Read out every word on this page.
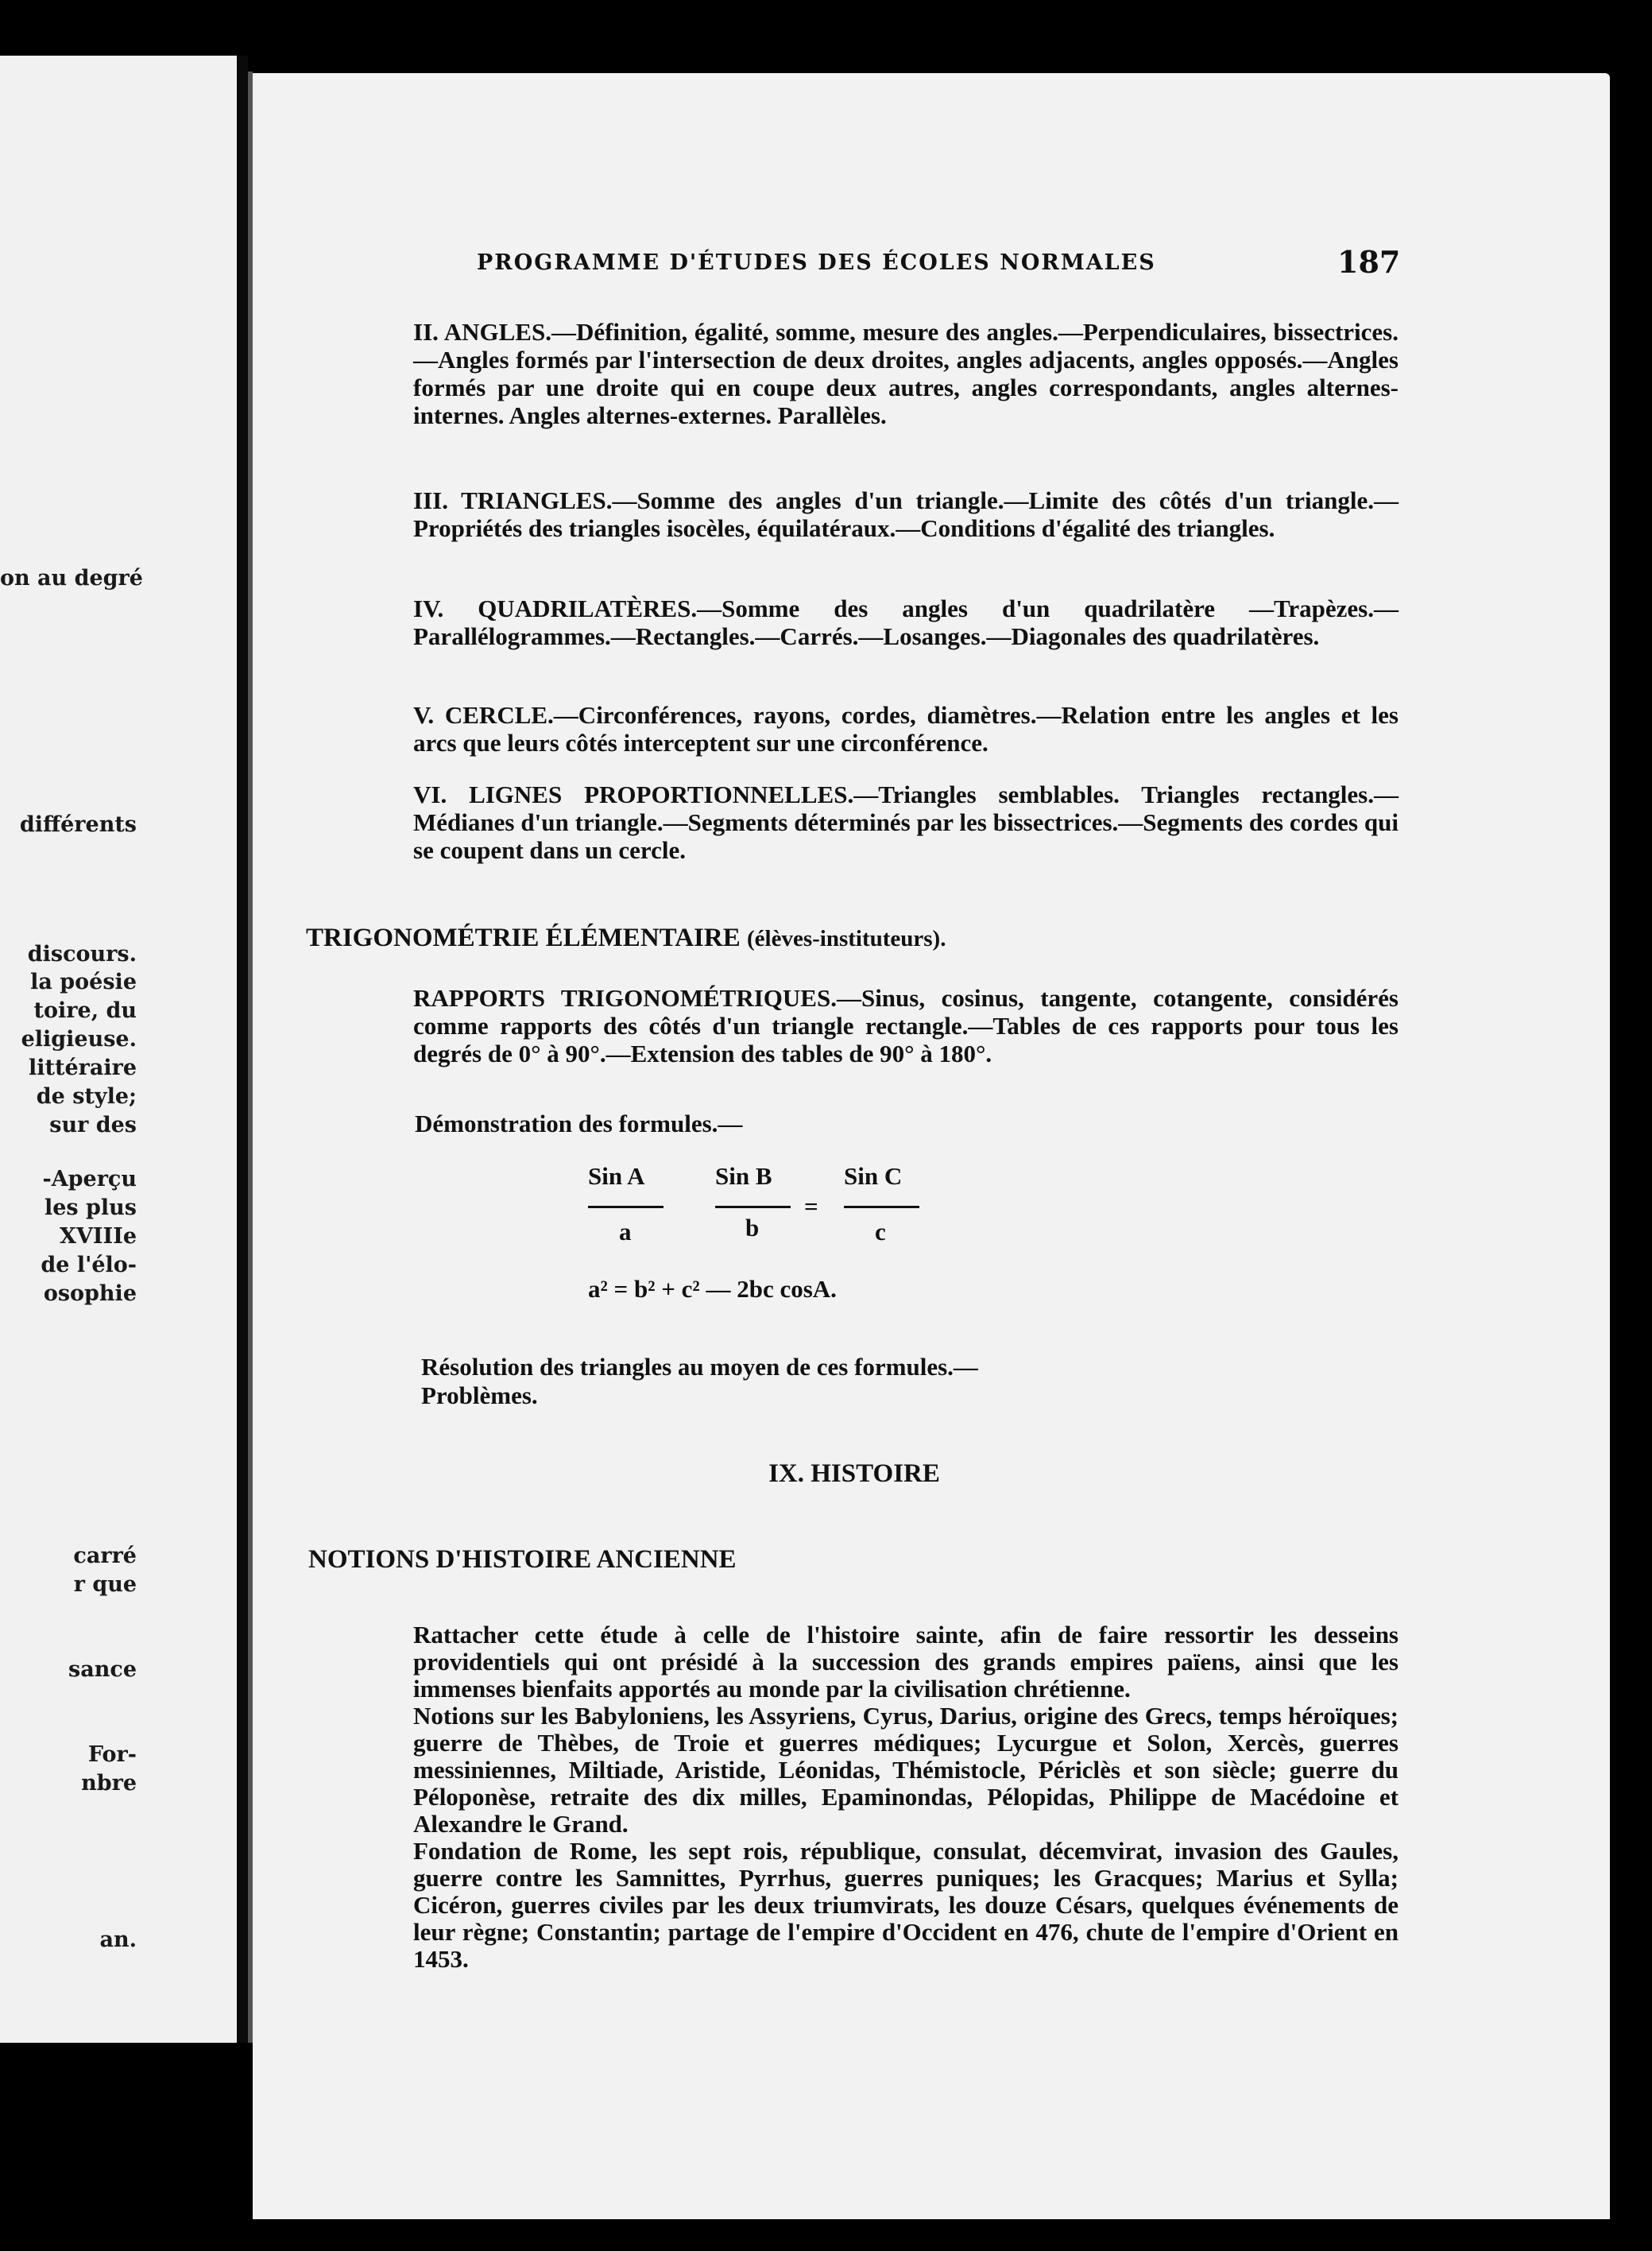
on au degré
différents
discours.
la poésie
toire, du
eligieuse.
littéraire
de style;
sur des
-Aperçu
les plus
XVIIIe
de l'élo-
osophie
carré
r que
sance
For-
nbre
an.
PROGRAMME D'ÉTUDES DES ÉCOLES NORMALES	187
II. ANGLES.—Définition, égalité, somme, mesure des angles.—Perpendiculaires, bissectrices.—Angles formés par l'intersection de deux droites, angles adjacents, angles opposés.—Angles formés par une droite qui en coupe deux autres, angles correspondants, angles alternes-internes. Angles alternes-externes. Parallèles.
III. TRIANGLES.—Somme des angles d'un triangle.—Limite des côtés d'un triangle.—Propriétés des triangles isocèles, équilatéraux.—Conditions d'égalité des triangles.
IV. QUADRILATÈRES.—Somme des angles d'un quadrilatère —Trapèzes.—Parallélogrammes.—Rectangles.—Carrés.—Losanges.—Diagonales des quadrilatères.
V. CERCLE.—Circonférences, rayons, cordes, diamètres.—Relation entre les angles et les arcs que leurs côtés interceptent sur une circonférence.
VI. LIGNES PROPORTIONNELLES.—Triangles semblables. Triangles rectangles.—Médianes d'un triangle.—Segments déterminés par les bissectrices.—Segments des cordes qui se coupent dans un cercle.
TRIGONOMÉTRIE ÉLÉMENTAIRE (élèves-instituteurs).
RAPPORTS TRIGONOMÉTRIQUES.—Sinus, cosinus, tangente, cotangente, considérés comme rapports des côtés d'un triangle rectangle.—Tables de ces rapports pour tous les degrés de 0° à 90°.—Extension des tables de 90° à 180°.
Démonstration des formules.—
Sin A	Sin B	Sin C
=
a	b	c
a² = b² + c² — 2bc cosA.
Résolution des triangles au moyen de ces formules.—
Problèmes.
IX. HISTOIRE
NOTIONS D'HISTOIRE ANCIENNE
Rattacher cette étude à celle de l'histoire sainte, afin de faire ressortir les desseins providentiels qui ont présidé à la succession des grands empires païens, ainsi que les immenses bienfaits apportés au monde par la civilisation chrétienne.
Notions sur les Babyloniens, les Assyriens, Cyrus, Darius, origine des Grecs, temps héroïques; guerre de Thèbes, de Troie et guerres médiques; Lycurgue et Solon, Xercès, guerres messiniennes, Miltiade, Aristide, Léonidas, Thémistocle, Périclès et son siècle; guerre du Péloponèse, retraite des dix milles, Epaminondas, Pélopidas, Philippe de Macédoine et Alexandre le Grand.
Fondation de Rome, les sept rois, république, consulat, décemvirat, invasion des Gaules, guerre contre les Samnittes, Pyrrhus, guerres puniques; les Gracques; Marius et Sylla; Cicéron, guerres civiles par les deux triumvirats, les douze Césars, quelques événements de leur règne; Constantin; partage de l'empire d'Occident en 476, chute de l'empire d'Orient en 1453.
